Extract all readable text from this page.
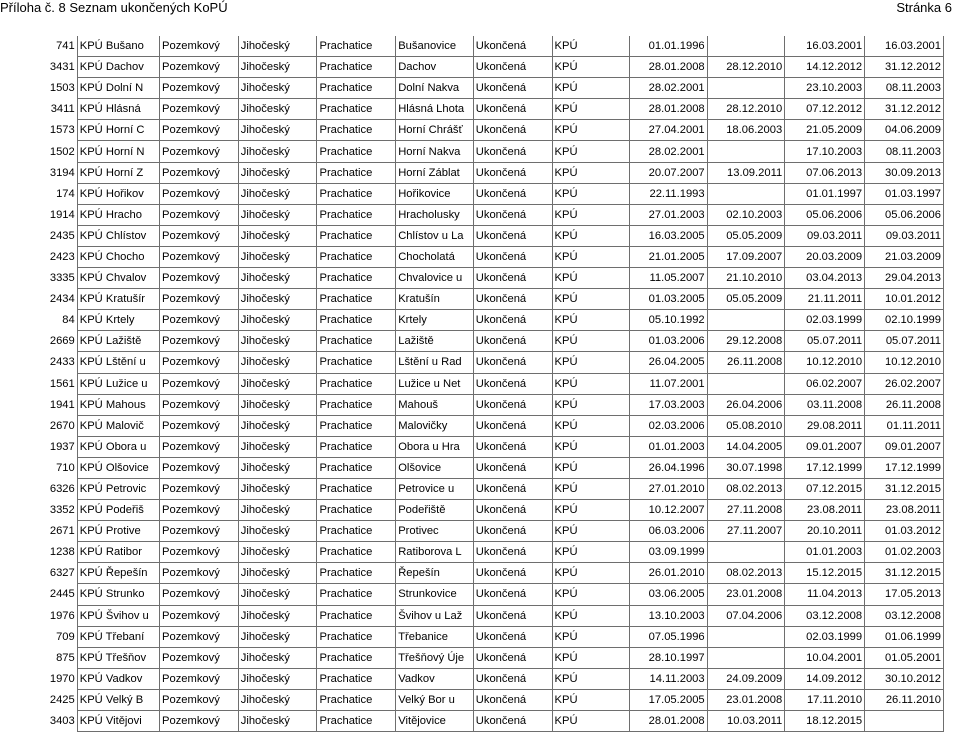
Příloha č. 8 Seznam ukončených KoPÚ	Stránka 6
741	KPÚ Bušano	Pozemkový	Jihočeský	Prachatice	Bušanovice	Ukončená	KPÚ	01.01.1996		16.03.2001	16.03.2001
3431	KPÚ Dachov	Pozemkový	Jihočeský	Prachatice	Dachov	Ukončená	KPÚ	28.01.2008	28.12.2010	14.12.2012	31.12.2012
1503	KPÚ Dolní N	Pozemkový	Jihočeský	Prachatice	Dolní Nakva	Ukončená	KPÚ	28.02.2001		23.10.2003	08.11.2003
3411	KPÚ Hlásná	Pozemkový	Jihočeský	Prachatice	Hlásná Lhota	Ukončená	KPÚ	28.01.2008	28.12.2010	07.12.2012	31.12.2012
1573	KPÚ Horní C	Pozemkový	Jihočeský	Prachatice	Horní Chrášť	Ukončená	KPÚ	27.04.2001	18.06.2003	21.05.2009	04.06.2009
1502	KPÚ Horní N	Pozemkový	Jihočeský	Prachatice	Horní Nakva	Ukončená	KPÚ	28.02.2001		17.10.2003	08.11.2003
3194	KPÚ Horní Z	Pozemkový	Jihočeský	Prachatice	Horní Záblat	Ukončená	KPÚ	20.07.2007	13.09.2011	07.06.2013	30.09.2013
174	KPÚ Hořikov	Pozemkový	Jihočeský	Prachatice	Hořikovice	Ukončená	KPÚ	22.11.1993		01.01.1997	01.03.1997
1914	KPÚ Hracho	Pozemkový	Jihočeský	Prachatice	Hracholusky	Ukončená	KPÚ	27.01.2003	02.10.2003	05.06.2006	05.06.2006
2435	KPÚ Chlístov	Pozemkový	Jihočeský	Prachatice	Chlístov u La	Ukončená	KPÚ	16.03.2005	05.05.2009	09.03.2011	09.03.2011
2423	KPÚ Chocho	Pozemkový	Jihočeský	Prachatice	Chocholatá	Ukončená	KPÚ	21.01.2005	17.09.2007	20.03.2009	21.03.2009
3335	KPÚ Chvalov	Pozemkový	Jihočeský	Prachatice	Chvalovice u	Ukončená	KPÚ	11.05.2007	21.10.2010	03.04.2013	29.04.2013
2434	KPÚ Kratušír	Pozemkový	Jihočeský	Prachatice	Kratušín	Ukončená	KPÚ	01.03.2005	05.05.2009	21.11.2011	10.01.2012
84	KPÚ Krtely	Pozemkový	Jihočeský	Prachatice	Krtely	Ukončená	KPÚ	05.10.1992		02.03.1999	02.10.1999
2669	KPÚ Lažiště	Pozemkový	Jihočeský	Prachatice	Lažiště	Ukončená	KPÚ	01.03.2006	29.12.2008	05.07.2011	05.07.2011
2433	KPÚ Lštění u	Pozemkový	Jihočeský	Prachatice	Lštění u Rad	Ukončená	KPÚ	26.04.2005	26.11.2008	10.12.2010	10.12.2010
1561	KPÚ Lužice u	Pozemkový	Jihočeský	Prachatice	Lužice u Net	Ukončená	KPÚ	11.07.2001		06.02.2007	26.02.2007
1941	KPÚ Mahous	Pozemkový	Jihočeský	Prachatice	Mahouš	Ukončená	KPÚ	17.03.2003	26.04.2006	03.11.2008	26.11.2008
2670	KPÚ Malovič	Pozemkový	Jihočeský	Prachatice	Malovičky	Ukončená	KPÚ	02.03.2006	05.08.2010	29.08.2011	01.11.2011
1937	KPÚ Obora u	Pozemkový	Jihočeský	Prachatice	Obora u Hra	Ukončená	KPÚ	01.01.2003	14.04.2005	09.01.2007	09.01.2007
710	KPÚ Olšovice	Pozemkový	Jihočeský	Prachatice	Olšovice	Ukončená	KPÚ	26.04.1996	30.07.1998	17.12.1999	17.12.1999
6326	KPÚ Petrovic	Pozemkový	Jihočeský	Prachatice	Petrovice u	Ukončená	KPÚ	27.01.2010	08.02.2013	07.12.2015	31.12.2015
3352	KPÚ Podeřiš	Pozemkový	Jihočeský	Prachatice	Podeřiště	Ukončená	KPÚ	10.12.2007	27.11.2008	23.08.2011	23.08.2011
2671	KPÚ Protive	Pozemkový	Jihočeský	Prachatice	Protivec	Ukončená	KPÚ	06.03.2006	27.11.2007	20.10.2011	01.03.2012
1238	KPÚ Ratibor	Pozemkový	Jihočeský	Prachatice	Ratiborova L	Ukončená	KPÚ	03.09.1999		01.01.2003	01.02.2003
6327	KPÚ Řepešín	Pozemkový	Jihočeský	Prachatice	Řepešín	Ukončená	KPÚ	26.01.2010	08.02.2013	15.12.2015	31.12.2015
2445	KPÚ Strunko	Pozemkový	Jihočeský	Prachatice	Strunkovice	Ukončená	KPÚ	03.06.2005	23.01.2008	11.04.2013	17.05.2013
1976	KPÚ Švihov u	Pozemkový	Jihočeský	Prachatice	Švihov u Laž	Ukončená	KPÚ	13.10.2003	07.04.2006	03.12.2008	03.12.2008
709	KPÚ Třebaní	Pozemkový	Jihočeský	Prachatice	Třebanice	Ukončená	KPÚ	07.05.1996		02.03.1999	01.06.1999
875	KPÚ Třešňov	Pozemkový	Jihočeský	Prachatice	Třešňový Úje	Ukončená	KPÚ	28.10.1997		10.04.2001	01.05.2001
1970	KPÚ Vadkov	Pozemkový	Jihočeský	Prachatice	Vadkov	Ukončená	KPÚ	14.11.2003	24.09.2009	14.09.2012	30.10.2012
2425	KPÚ Velký B	Pozemkový	Jihočeský	Prachatice	Velký Bor u	Ukončená	KPÚ	17.05.2005	23.01.2008	17.11.2010	26.11.2010
3403	KPÚ Vitějovi	Pozemkový	Jihočeský	Prachatice	Vitějovice	Ukončená	KPÚ	28.01.2008	10.03.2011	18.12.2015	
